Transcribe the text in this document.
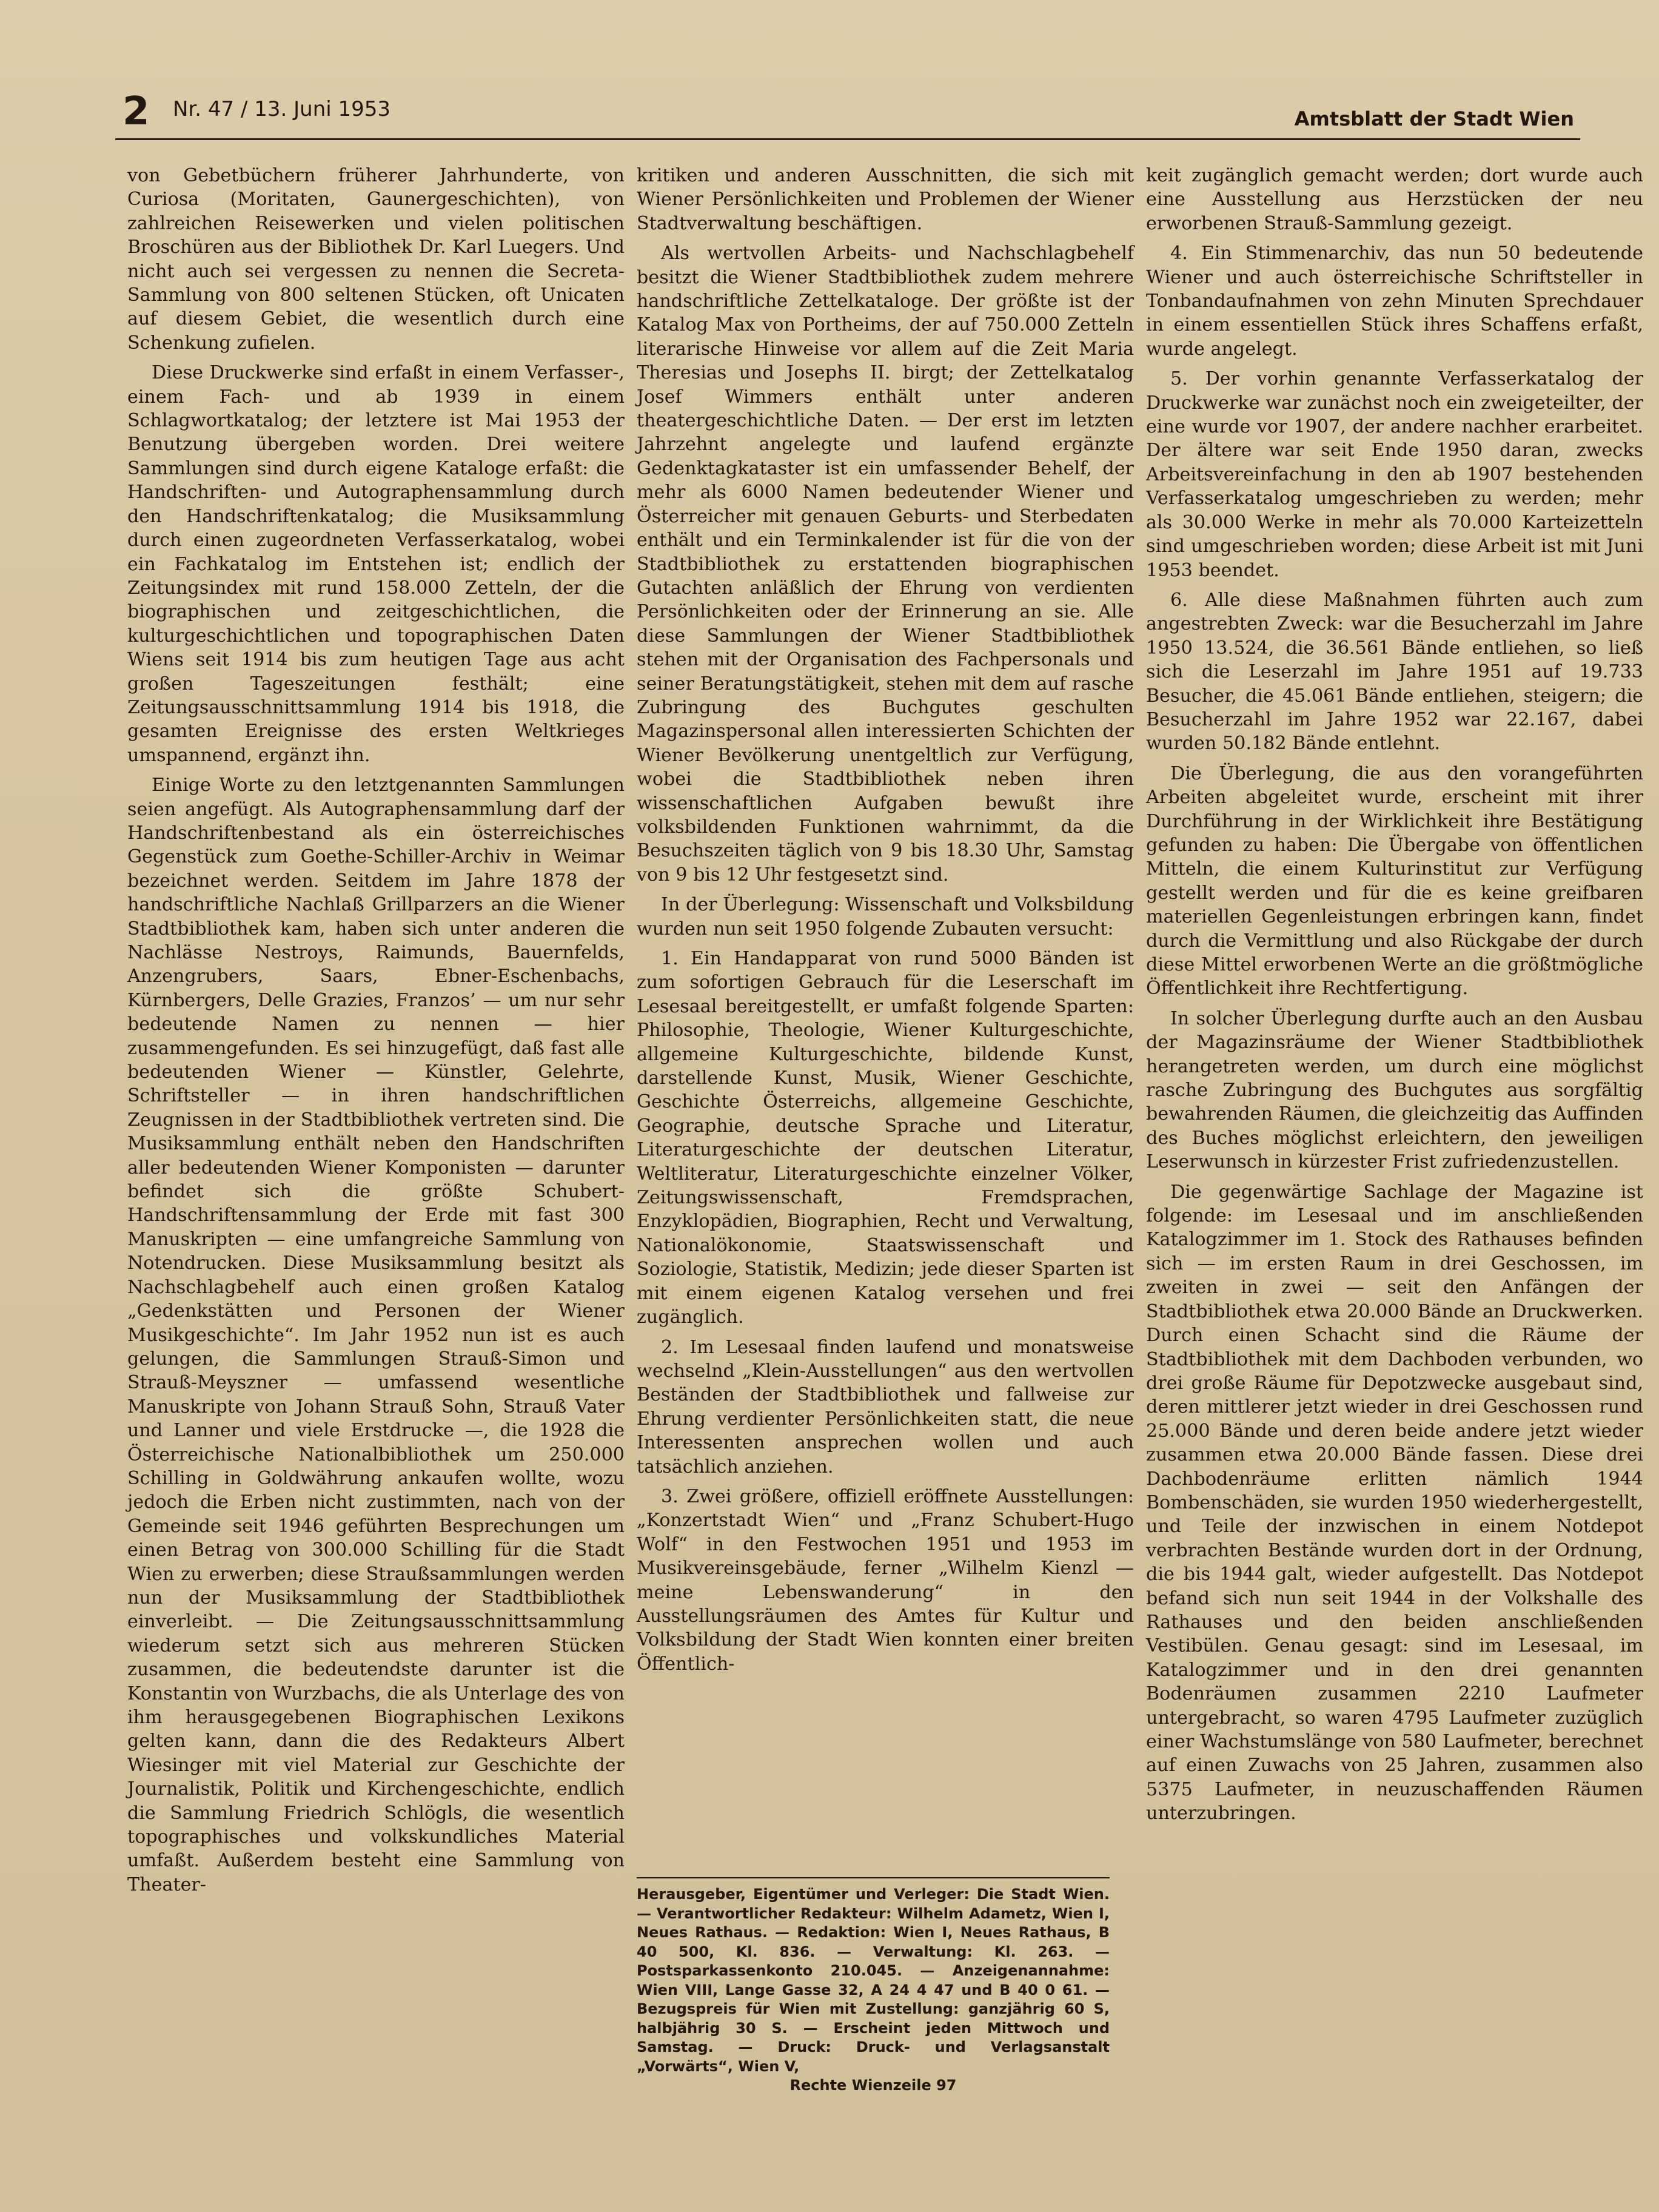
2 Nr. 47 / 13. Juni 1953	Amtsblatt der Stadt Wien

von Gebetbüchern früherer Jahrhunderte, von Curiosa (Moritaten, Gaunergeschichten), von zahlreichen Reisewerken und vielen politischen Broschüren aus der Bibliothek Dr. Karl Luegers. Und nicht auch sei vergessen zu nennen die Secreta-Sammlung von 800 seltenen Stücken, oft Unicaten auf diesem Gebiet, die wesentlich durch eine Schenkung zufielen.

Diese Druckwerke sind erfaßt in einem Verfasser-, einem Fach- und ab 1939 in einem Schlagwortkatalog; der letztere ist Mai 1953 der Benutzung übergeben worden. Drei weitere Sammlungen sind durch eigene Kataloge erfaßt: die Handschriften- und Autographensammlung durch den Handschriftenkatalog; die Musiksammlung durch einen zugeordneten Verfasserkatalog, wobei ein Fachkatalog im Entstehen ist; endlich der Zeitungsindex mit rund 158.000 Zetteln, der die biographischen und zeitgeschichtlichen, die kulturgeschichtlichen und topographischen Daten Wiens seit 1914 bis zum heutigen Tage aus acht großen Tageszeitungen festhält; eine Zeitungsausschnittsammlung 1914 bis 1918, die gesamten Ereignisse des ersten Weltkrieges umspannend, ergänzt ihn.

Einige Worte zu den letztgenannten Sammlungen seien angefügt. Als Autographensammlung darf der Handschriftenbestand als ein österreichisches Gegenstück zum Goethe-Schiller-Archiv in Weimar bezeichnet werden. Seitdem im Jahre 1878 der handschriftliche Nachlaß Grillparzers an die Wiener Stadtbibliothek kam, haben sich unter anderen die Nachlässe Nestroys, Raimunds, Bauernfelds, Anzengrubers, Saars, Ebner-Eschenbachs, Kürnbergers, Delle Grazies, Franzos’ — um nur sehr bedeutende Namen zu nennen — hier zusammengefunden. Es sei hinzugefügt, daß fast alle bedeutenden Wiener — Künstler, Gelehrte, Schriftsteller — in ihren handschriftlichen Zeugnissen in der Stadtbibliothek vertreten sind. Die Musiksammlung enthält neben den Handschriften aller bedeutenden Wiener Komponisten — darunter befindet sich die größte Schubert-Handschriftensammlung der Erde mit fast 300 Manuskripten — eine umfangreiche Sammlung von Notendrucken. Diese Musiksammlung besitzt als Nachschlagbehelf auch einen großen Katalog „Gedenkstätten und Personen der Wiener Musikgeschichte“. Im Jahr 1952 nun ist es auch gelungen, die Sammlungen Strauß-Simon und Strauß-Meyszner — umfassend wesentliche Manuskripte von Johann Strauß Sohn, Strauß Vater und Lanner und viele Erstdrucke —, die 1928 die Österreichische Nationalbibliothek um 250.000 Schilling in Goldwährung ankaufen wollte, wozu jedoch die Erben nicht zustimmten, nach von der Gemeinde seit 1946 geführten Besprechungen um einen Betrag von 300.000 Schilling für die Stadt Wien zu erwerben; diese Straußsammlungen werden nun der Musiksammlung der Stadtbibliothek einverleibt. — Die Zeitungsausschnittsammlung wiederum setzt sich aus mehreren Stücken zusammen, die bedeutendste darunter ist die Konstantin von Wurzbachs, die als Unterlage des von ihm herausgegebenen Biographischen Lexikons gelten kann, dann die des Redakteurs Albert Wiesinger mit viel Material zur Geschichte der Journalistik, Politik und Kirchengeschichte, endlich die Sammlung Friedrich Schlögls, die wesentlich topographisches und volkskundliches Material umfaßt. Außerdem besteht eine Sammlung von Theater-

kritiken und anderen Ausschnitten, die sich mit Wiener Persönlichkeiten und Problemen der Wiener Stadtverwaltung beschäftigen.

Als wertvollen Arbeits- und Nachschlagbehelf besitzt die Wiener Stadtbibliothek zudem mehrere handschriftliche Zettelkataloge. Der größte ist der Katalog Max von Portheims, der auf 750.000 Zetteln literarische Hinweise vor allem auf die Zeit Maria Theresias und Josephs II. birgt; der Zettelkatalog Josef Wimmers enthält unter anderen theatergeschichtliche Daten. — Der erst im letzten Jahrzehnt angelegte und laufend ergänzte Gedenktagkataster ist ein umfassender Behelf, der mehr als 6000 Namen bedeutender Wiener und Österreicher mit genauen Geburts- und Sterbedaten enthält und ein Terminkalender ist für die von der Stadtbibliothek zu erstattenden biographischen Gutachten anläßlich der Ehrung von verdienten Persönlichkeiten oder der Erinnerung an sie. Alle diese Sammlungen der Wiener Stadtbibliothek stehen mit der Organisation des Fachpersonals und seiner Beratungstätigkeit, stehen mit dem auf rasche Zubringung des Buchgutes geschulten Magazinspersonal allen interessierten Schichten der Wiener Bevölkerung unentgeltlich zur Verfügung, wobei die Stadtbibliothek neben ihren wissenschaftlichen Aufgaben bewußt ihre volksbildenden Funktionen wahrnimmt, da die Besuchszeiten täglich von 9 bis 18.30 Uhr, Samstag von 9 bis 12 Uhr festgesetzt sind.

In der Überlegung: Wissenschaft und Volksbildung wurden nun seit 1950 folgende Zubauten versucht:

1. Ein Handapparat von rund 5000 Bänden ist zum sofortigen Gebrauch für die Leserschaft im Lesesaal bereitgestellt, er umfaßt folgende Sparten: Philosophie, Theologie, Wiener Kulturgeschichte, allgemeine Kulturgeschichte, bildende Kunst, darstellende Kunst, Musik, Wiener Geschichte, Geschichte Österreichs, allgemeine Geschichte, Geographie, deutsche Sprache und Literatur, Literaturgeschichte der deutschen Literatur, Weltliteratur, Literaturgeschichte einzelner Völker, Zeitungswissenschaft, Fremdsprachen, Enzyklopädien, Biographien, Recht und Verwaltung, Nationalökonomie, Staatswissenschaft und Soziologie, Statistik, Medizin; jede dieser Sparten ist mit einem eigenen Katalog versehen und frei zugänglich.

2. Im Lesesaal finden laufend und monatsweise wechselnd „Klein-Ausstellungen“ aus den wertvollen Beständen der Stadtbibliothek und fallweise zur Ehrung verdienter Persönlichkeiten statt, die neue Interessenten ansprechen wollen und auch tatsächlich anziehen.

3. Zwei größere, offiziell eröffnete Ausstellungen: „Konzertstadt Wien“ und „Franz Schubert-Hugo Wolf“ in den Festwochen 1951 und 1953 im Musikvereinsgebäude, ferner „Wilhelm Kienzl — meine Lebenswanderung“ in den Ausstellungsräumen des Amtes für Kultur und Volksbildung der Stadt Wien konnten einer breiten Öffentlich-

Herausgeber, Eigentümer und Verleger: Die Stadt Wien. — Verantwortlicher Redakteur: Wilhelm Adametz, Wien I, Neues Rathaus. — Redaktion: Wien I, Neues Rathaus, B 40 500, Kl. 836. — Verwaltung: Kl. 263. — Postsparkassenkonto 210.045. — Anzeigenannahme: Wien VIII, Lange Gasse 32, A 24 4 47 und B 40 0 61. — Bezugspreis für Wien mit Zustellung: ganzjährig 60 S, halbjährig 30 S. — Erscheint jeden Mittwoch und Samstag. — Druck: Druck- und Verlagsanstalt „Vorwärts“, Wien V,
Rechte Wienzeile 97

keit zugänglich gemacht werden; dort wurde auch eine Ausstellung aus Herzstücken der neu erworbenen Strauß-Sammlung gezeigt.

4. Ein Stimmenarchiv, das nun 50 bedeutende Wiener und auch österreichische Schriftsteller in Tonbandaufnahmen von zehn Minuten Sprechdauer in einem essentiellen Stück ihres Schaffens erfaßt, wurde angelegt.

5. Der vorhin genannte Verfasserkatalog der Druckwerke war zunächst noch ein zweigeteilter, der eine wurde vor 1907, der andere nachher erarbeitet. Der ältere war seit Ende 1950 daran, zwecks Arbeitsvereinfachung in den ab 1907 bestehenden Verfasserkatalog umgeschrieben zu werden; mehr als 30.000 Werke in mehr als 70.000 Karteizetteln sind umgeschrieben worden; diese Arbeit ist mit Juni 1953 beendet.

6. Alle diese Maßnahmen führten auch zum angestrebten Zweck: war die Besucherzahl im Jahre 1950 13.524, die 36.561 Bände entliehen, so ließ sich die Leserzahl im Jahre 1951 auf 19.733 Besucher, die 45.061 Bände entliehen, steigern; die Besucherzahl im Jahre 1952 war 22.167, dabei wurden 50.182 Bände entlehnt.

Die Überlegung, die aus den vorangeführten Arbeiten abgeleitet wurde, erscheint mit ihrer Durchführung in der Wirklichkeit ihre Bestätigung gefunden zu haben: Die Übergabe von öffentlichen Mitteln, die einem Kulturinstitut zur Verfügung gestellt werden und für die es keine greifbaren materiellen Gegenleistungen erbringen kann, findet durch die Vermittlung und also Rückgabe der durch diese Mittel erworbenen Werte an die größtmögliche Öffentlichkeit ihre Rechtfertigung.

In solcher Überlegung durfte auch an den Ausbau der Magazinsräume der Wiener Stadtbibliothek herangetreten werden, um durch eine möglichst rasche Zubringung des Buchgutes aus sorgfältig bewahrenden Räumen, die gleichzeitig das Auffinden des Buches möglichst erleichtern, den jeweiligen Leserwunsch in kürzester Frist zufriedenzustellen.

Die gegenwärtige Sachlage der Magazine ist folgende: im Lesesaal und im anschließenden Katalogzimmer im 1. Stock des Rathauses befinden sich — im ersten Raum in drei Geschossen, im zweiten in zwei — seit den Anfängen der Stadtbibliothek etwa 20.000 Bände an Druckwerken. Durch einen Schacht sind die Räume der Stadtbibliothek mit dem Dachboden verbunden, wo drei große Räume für Depotzwecke ausgebaut sind, deren mittlerer jetzt wieder in drei Geschossen rund 25.000 Bände und deren beide andere jetzt wieder zusammen etwa 20.000 Bände fassen. Diese drei Dachbodenräume erlitten nämlich 1944 Bombenschäden, sie wurden 1950 wiederhergestellt, und Teile der inzwischen in einem Notdepot verbrachten Bestände wurden dort in der Ordnung, die bis 1944 galt, wieder aufgestellt. Das Notdepot befand sich nun seit 1944 in der Volkshalle des Rathauses und den beiden anschließenden Vestibülen. Genau gesagt: sind im Lesesaal, im Katalogzimmer und in den drei genannten Bodenräumen zusammen 2210 Laufmeter untergebracht, so waren 4795 Laufmeter zuzüglich einer Wachstumslänge von 580 Laufmeter, berechnet auf einen Zuwachs von 25 Jahren, zusammen also 5375 Laufmeter, in neuzuschaffenden Räumen unterzubringen.
